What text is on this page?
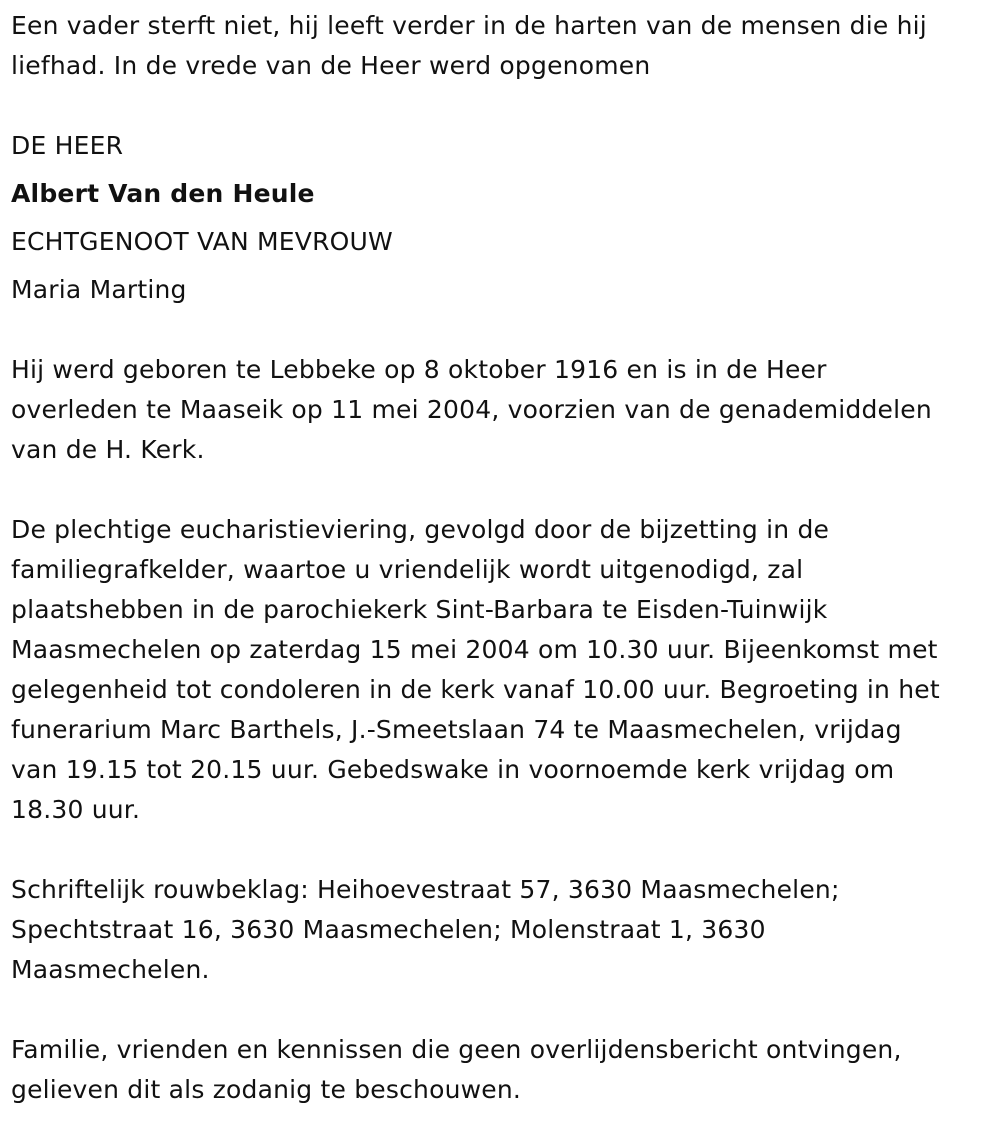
Een vader sterft niet, hij leeft verder in de harten van de mensen die hij
liefhad. In de vrede van de Heer werd opgenomen
DE HEER
Albert Van den Heule
ECHTGENOOT VAN MEVROUW
Maria Marting
Hij werd geboren te Lebbeke op 8 oktober 1916 en is in de Heer
overleden te Maaseik op 11 mei 2004, voorzien van de genademiddelen
van de H. Kerk.
De plechtige eucharistieviering, gevolgd door de bijzetting in de
familiegrafkelder, waartoe u vriendelijk wordt uitgenodigd, zal
plaatshebben in de parochiekerk Sint-Barbara te Eisden-Tuinwijk
Maasmechelen op zaterdag 15 mei 2004 om 10.30 uur. Bijeenkomst met
gelegenheid tot condoleren in de kerk vanaf 10.00 uur. Begroeting in het
funerarium Marc Barthels, J.-Smeetslaan 74 te Maasmechelen, vrijdag
van 19.15 tot 20.15 uur. Gebedswake in voornoemde kerk vrijdag om
18.30 uur.
Schriftelijk rouwbeklag: Heihoevestraat 57, 3630 Maasmechelen;
Spechtstraat 16, 3630 Maasmechelen; Molenstraat 1, 3630
Maasmechelen.
Familie, vrienden en kennissen die geen overlijdensbericht ontvingen,
gelieven dit als zodanig te beschouwen.
